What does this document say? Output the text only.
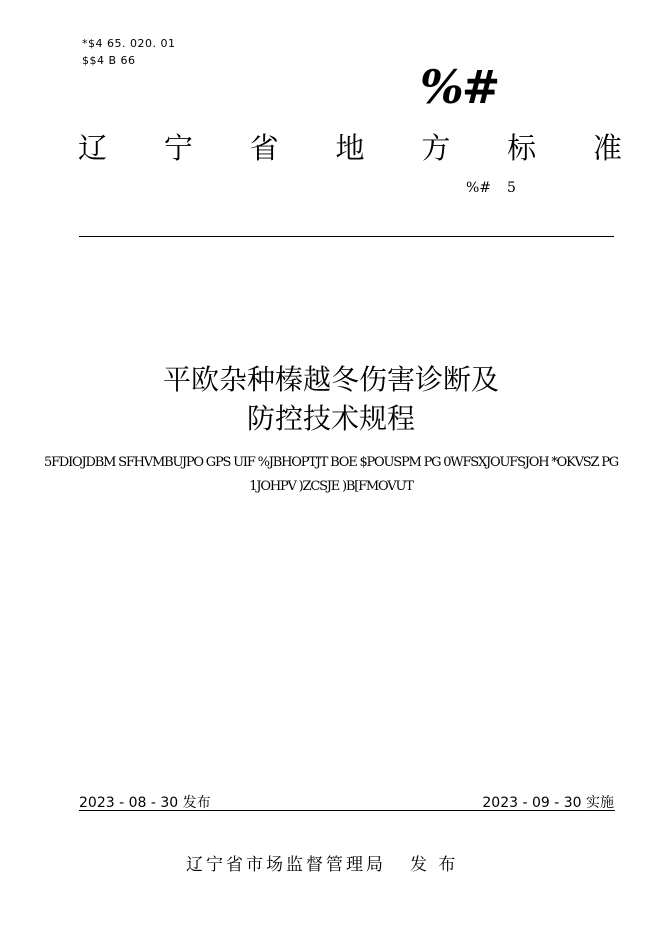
*$4 65. 020. 01
$$4 B 66	%#
辽 宁 省 地 方 标 准
%# 5
平欧杂种榛越冬伤害诊断及
防控技术规程
5FDIOJDBM SFHVMBUJPO GPS UIF %JBHOPTJT BOE $POUSPM PG 0WFSXJOUFSJOH *OKVSZ PG
1JOHPV )ZCSJE )B[FMOVUT
2023 - 08 - 30 发布	2023 - 09 - 30 实施
辽宁省市场监督管理局 发 布
